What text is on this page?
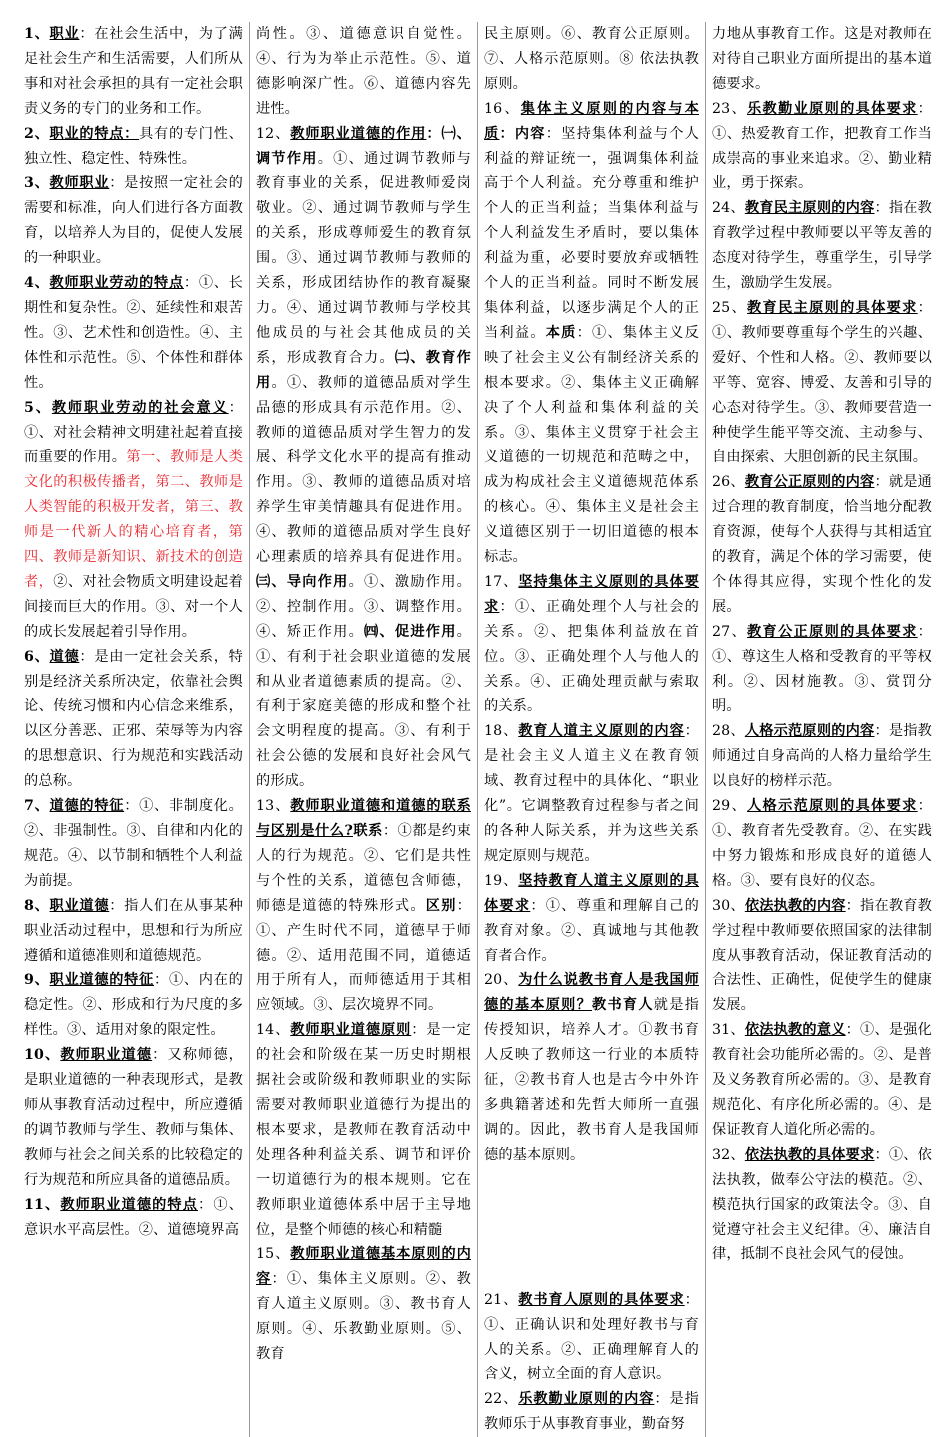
1、职业：在社会生活中，为了满足社会生产和生活需要，人们所从事和对社会承担的具有一定社会职责义务的专门的业务和工作。

2、职业的特点：具有的专门性、独立性、稳定性、特殊性。

3、教师职业：是按照一定社会的需要和标准，向人们进行各方面教育，以培养人为目的，促使人发展的一种职业。

4、教师职业劳动的特点：①、长期性和复杂性。②、延续性和艰苦性。③、艺术性和创造性。④、主体性和示范性。⑤、个体性和群体性。

5、教师职业劳动的社会意义：①、对社会精神文明建社起着直接而重要的作用。第一、教师是人类文化的积极传播者，第二、教师是人类智能的积极开发者，第三、教师是一代新人的精心培育者，第四、教师是新知识、新技术的创造者，②、对社会物质文明建设起着间接而巨大的作用。③、对一个人的成长发展起着引导作用。

6、道德：是由一定社会关系，特别是经济关系所决定，依靠社会舆论、传统习惯和内心信念来维系，以区分善恶、正邪、荣辱等为内容的思想意识、行为规范和实践活动的总称。

7、道德的特征：①、非制度化。②、非强制性。③、自律和内化的规范。④、以节制和牺牲个人利益为前提。

8、职业道德：指人们在从事某种职业活动过程中，思想和行为所应遵循和道德准则和道德规范。

9、职业道德的特征：①、内在的稳定性。②、形成和行为尺度的多样性。③、适用对象的限定性。

10、教师职业道德：又称师德，是职业道德的一种表现形式，是教师从事教育活动过程中，所应遵循的调节教师与学生、教师与集体、教师与社会之间关系的比较稳定的行为规范和所应具备的道德品质。

11、教师职业道德的特点：①、意识水平高层性。②、道德境界高

尚性。③、道德意识自觉性。④、行为为举止示范性。⑤、道德影响深广性。⑥、道德内容先进性。

12、教师职业道德的作用：㈠、调节作用。①、通过调节教师与教育事业的关系，促进教师爱岗敬业。②、通过调节教师与学生的关系，形成尊师爱生的教育氛围。③、通过调节教师与教师的关系，形成团结协作的教育凝聚力。④、通过调节教师与学校其他成员的与社会其他成员的关系，形成教育合力。㈡、教育作用。①、教师的道德品质对学生品德的形成具有示范作用。②、教师的道德品质对学生智力的发展、科学文化水平的提高有推动作用。③、教师的道德品质对培养学生审美情趣具有促进作用。④、教师的道德品质对学生良好心理素质的培养具有促进作用。㈢、导向作用。①、激励作用。②、控制作用。③、调整作用。④、矫正作用。㈣、促进作用。①、有利于社会职业道德的发展和从业者道德素质的提高。②、有利于家庭美德的形成和整个社会文明程度的提高。③、有利于社会公德的发展和良好社会风气的形成。

13、教师职业道德和道德的联系与区别是什么?联系：①都是约束人的行为规范。②、它们是共性与个性的关系，道德包含师德，师德是道德的特殊形式。区别：①、产生时代不同，道德早于师德。②、适用范围不同，道德适用于所有人，而师德适用于其相应领域。③、层次境界不同。

14、教师职业道德原则：是一定的社会和阶级在某一历史时期根据社会或阶级和教师职业的实际需要对教师职业道德行为提出的根本要求，是教师在教育活动中处理各种利益关系、调节和评价一切道德行为的根本规则。它在教师职业道德体系中居于主导地位，是整个师德的核心和精髓

15、教师职业道德基本原则的内容：①、集体主义原则。②、教育人道主义原则。③、教书育人原则。④、乐教勤业原则。⑤、教育

民主原则。⑥、教育公正原则。⑦、人格示范原则。⑧ 依法执教原则。

16、集体主义原则的内容与本质：内容：坚持集体利益与个人利益的辩证统一，强调集体利益高于个人利益。充分尊重和维护个人的正当利益；当集体利益与个人利益发生矛盾时，要以集体利益为重，必要时要放弃或牺牲个人的正当利益。同时不断发展集体利益，以逐步满足个人的正当利益。本质：①、集体主义反映了社会主义公有制经济关系的根本要求。②、集体主义正确解决了个人利益和集体利益的关系。③、集体主义贯穿于社会主义道德的一切规范和范畴之中，成为构成社会主义道德规范体系的核心。④、集体主义是社会主义道德区别于一切旧道德的根本标志。

17、坚持集体主义原则的具体要求：①、正确处理个人与社会的关系。②、把集体利益放在首位。③、正确处理个人与他人的关系。④、正确处理贡献与索取的关系。

18、教育人道主义原则的内容：是社会主义人道主义在教育领域、教育过程中的具体化、“职业化”。它调整教育过程参与者之间的各种人际关系，并为这些关系规定原则与规范。

19、坚持教育人道主义原则的具体要求：①、尊重和理解自己的教育对象。②、真诚地与其他教育者合作。

20、为什么说教书育人是我国师德的基本原则？教书育人就是指传授知识，培养人才。①教书育人反映了教师这一行业的本质特征，②教书育人也是古今中外许多典籍著述和先哲大师所一直强调的。因此，教书育人是我国师德的基本原则。

21、教书育人原则的具体要求：①、正确认识和处理好教书与育人的关系。②、正确理解育人的含义，树立全面的育人意识。

22、乐教勤业原则的内容：是指教师乐于从事教育事业，勤奋努

力地从事教育工作。这是对教师在对待自己职业方面所提出的基本道德要求。

23、乐教勤业原则的具体要求：①、热爱教育工作，把教育工作当成崇高的事业来追求。②、勤业精业，勇于探索。

24、教育民主原则的内容：指在教育教学过程中教师要以平等友善的态度对待学生，尊重学生，引导学生，激励学生发展。

25、教育民主原则的具体要求：①、教师要尊重每个学生的兴趣、爱好、个性和人格。②、教师要以平等、宽容、博爱、友善和引导的心态对待学生。③、教师要营造一种使学生能平等交流、主动参与、自由探索、大胆创新的民主氛围。

26、教育公正原则的内容：就是通过合理的教育制度，恰当地分配教育资源，使每个人获得与其相适宜的教育，满足个体的学习需要，使个体得其应得，实现个性化的发展。

27、教育公正原则的具体要求：①、尊这生人格和受教育的平等权利。②、因材施教。③、赏罚分明。

28、人格示范原则的内容：是指教师通过自身高尚的人格力量给学生以良好的榜样示范。

29、人格示范原则的具体要求：①、教育者先受教育。②、在实践中努力锻炼和形成良好的道德人格。③、要有良好的仪态。

30、依法执教的内容：指在教育教学过程中教师要依照国家的法律制度从事教育活动，保证教育活动的合法性、正确性，促使学生的健康发展。

31、依法执教的意义：①、是强化教育社会功能所必需的。②、是普及义务教育所必需的。③、是教育规范化、有序化所必需的。④、是保证教育人道化所必需的。

32、依法执教的具体要求：①、依法执教，做奉公守法的模范。②、模范执行国家的政策法令。③、自觉遵守社会主义纪律。④、廉洁自律，抵制不良社会风气的侵蚀。
